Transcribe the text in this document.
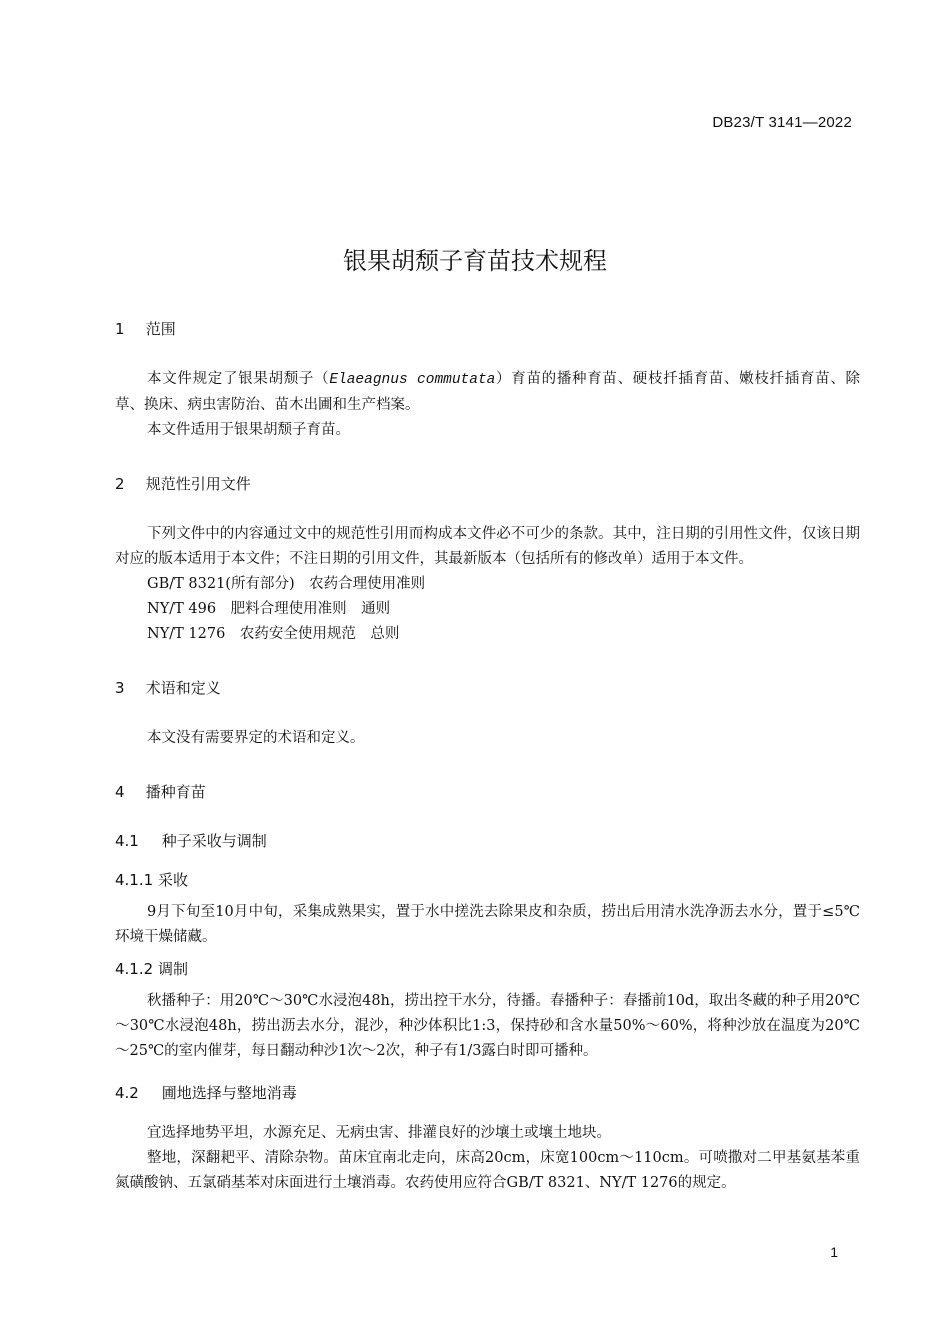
DB23/T 3141—2022
银果胡颓子育苗技术规程
1 范围
本文件规定了银果胡颓子（Elaeagnus commutata）育苗的播种育苗、硬枝扦插育苗、嫩枝扦插育苗、除草、换床、病虫害防治、苗木出圃和生产档案。
本文件适用于银果胡颓子育苗。
2 规范性引用文件
下列文件中的内容通过文中的规范性引用而构成本文件必不可少的条款。其中，注日期的引用性文件，仅该日期对应的版本适用于本文件；不注日期的引用文件，其最新版本（包括所有的修改单）适用于本文件。
GB/T 8321(所有部分)　农药合理使用准则
NY/T 496　肥料合理使用准则　通则
NY/T 1276　农药安全使用规范　总则
3 术语和定义
本文没有需要界定的术语和定义。
4 播种育苗
4.1 种子采收与调制
4.1.1 采收
9月下旬至10月中旬，采集成熟果实，置于水中搓洗去除果皮和杂质，捞出后用清水洗净沥去水分，置于≤5℃环境干燥储藏。
4.1.2 调制
秋播种子：用20℃～30℃水浸泡48h，捞出控干水分，待播。春播种子：春播前10d，取出冬藏的种子用20℃～30℃水浸泡48h，捞出沥去水分，混沙，种沙体积比1:3，保持砂和含水量50%～60%，将种沙放在温度为20℃～25℃的室内催芽，每日翻动种沙1次～2次，种子有1/3露白时即可播种。
4.2 圃地选择与整地消毒
宜选择地势平坦，水源充足、无病虫害、排灌良好的沙壤土或壤土地块。
整地，深翻耙平、清除杂物。苗床宜南北走向，床高20cm，床宽100cm～110cm。可喷撒对二甲基氨基苯重氮磺酸钠、五氯硝基苯对床面进行土壤消毒。农药使用应符合GB/T 8321、NY/T 1276的规定。
1
